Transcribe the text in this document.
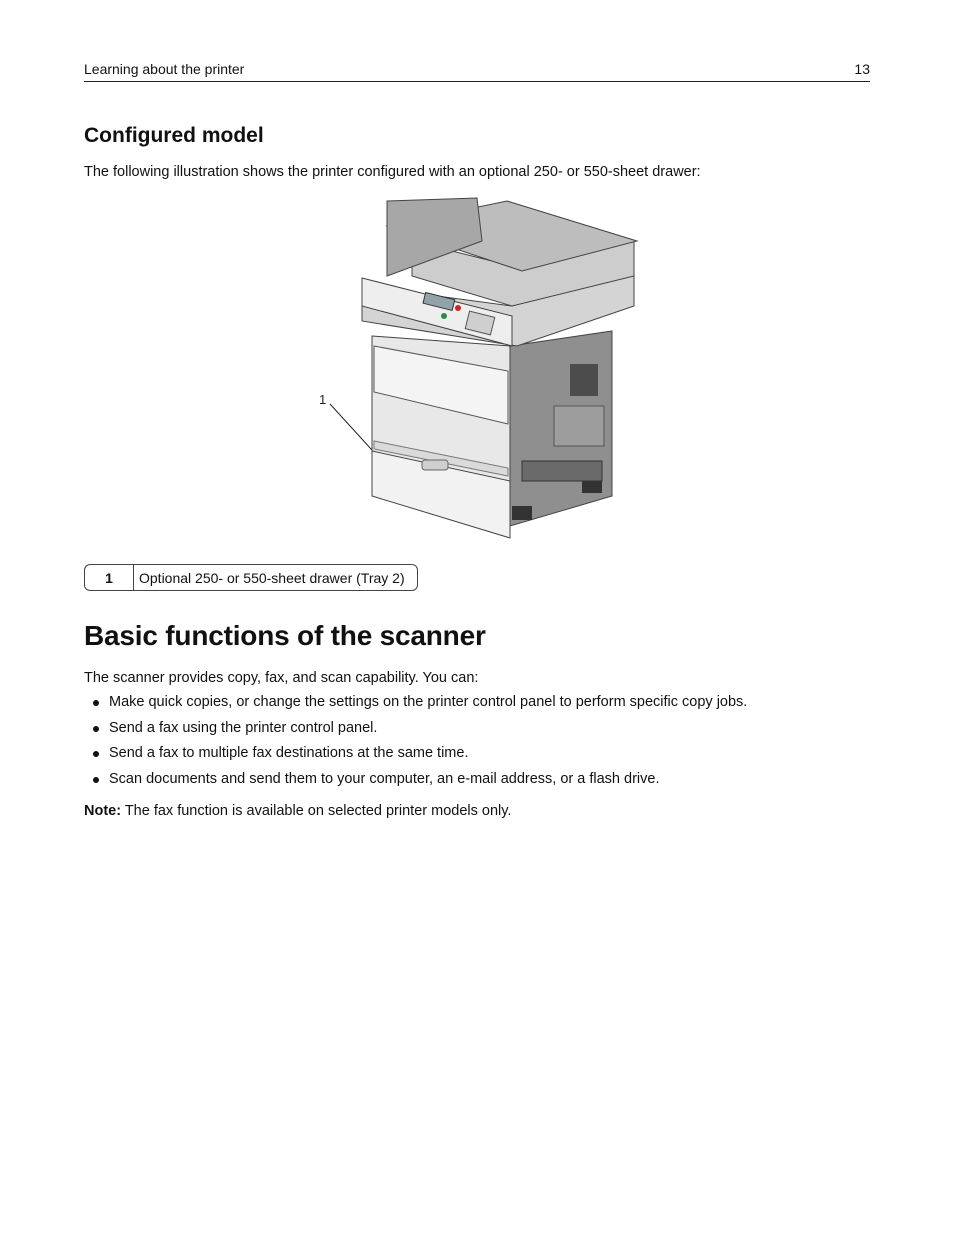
Learning about the printer	13
Configured model

The following illustration shows the printer configured with an optional 250‑ or 550‑sheet drawer:

1
1	Optional 250‑ or 550‑sheet drawer (Tray 2)
Basic functions of the scanner

The scanner provides copy, fax, and scan capability. You can:

Make quick copies, or change the settings on the printer control panel to perform specific copy jobs.
Send a fax using the printer control panel.
Send a fax to multiple fax destinations at the same time.
Scan documents and send them to your computer, an e‑mail address, or a flash drive.

Note: The fax function is available on selected printer models only.
